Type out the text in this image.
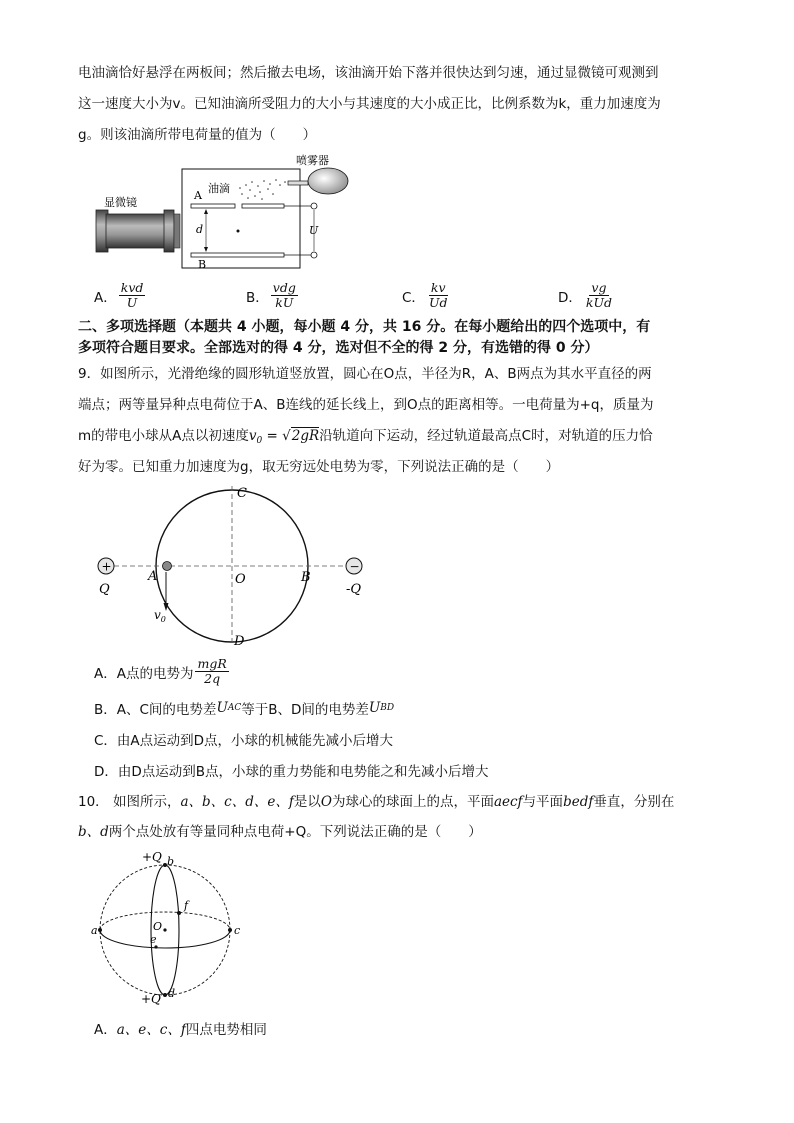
电油滴恰好悬浮在两板间；然后撤去电场，该油滴开始下落并很快达到匀速，通过显微镜可观测到
这一速度大小为v。已知油滴所受阻力的大小与其速度的大小成正比，比例系数为k，重力加速度为
g。则该油滴所带电荷量的值为（　　）
显微镜
A
B
d	U
油滴
喷雾器
A． $\frac{\text{kvd}}{U}$	B． $\frac{\text{vdg}}{kU}$	C． $\frac{kv}{Ud}$	D． $\frac{vg}{\text{kUd}}$
二、多项选择题（本题共 4 小题，每小题 4 分，共 16 分。在每小题给出的四个选项中，有
多项符合题目要求。全部选对的得 4 分，选对但不全的得 2 分，有选错的得 0 分）
9．如图所示，光滑绝缘的圆形轨道竖放置，圆心在O点，半径为R，A、B两点为其水平直径的两
端点；两等量异种点电荷位于A、B连线的延长线上，到O点的距离相等。一电荷量为+q，质量为
m的带电小球从A点以初速度$v_0 = √2gR$沿轨道向下运动，经过轨道最高点C时，对轨道的压力恰
好为零。已知重力加速度为g，取无穷远处电势为零，下列说法正确的是（　　）
+	−
$v_0$
C
A	O	B
D
Q	-Q
A．A点的电势为 $\frac{\text{mgR}}{2q}$
B．A、C间的电势差 U AC 等于B、D间的电势差 U BD
C．由A点运动到D点，小球的机械能先减小后增大
D．由D点运动到B点，小球的重力势能和电势能之和先减小后增大
10． 如图所示，a、b、c、d、e、f是以O为球心的球面上的点，平面aecf与平面bedf垂直，分别在
b、d两个点处放有等量同种点电荷+Q。下列说法正确的是（　　）
+Q b
f
a	O
e
c
+Q d
A． a、e、c、f 四点电势相同
